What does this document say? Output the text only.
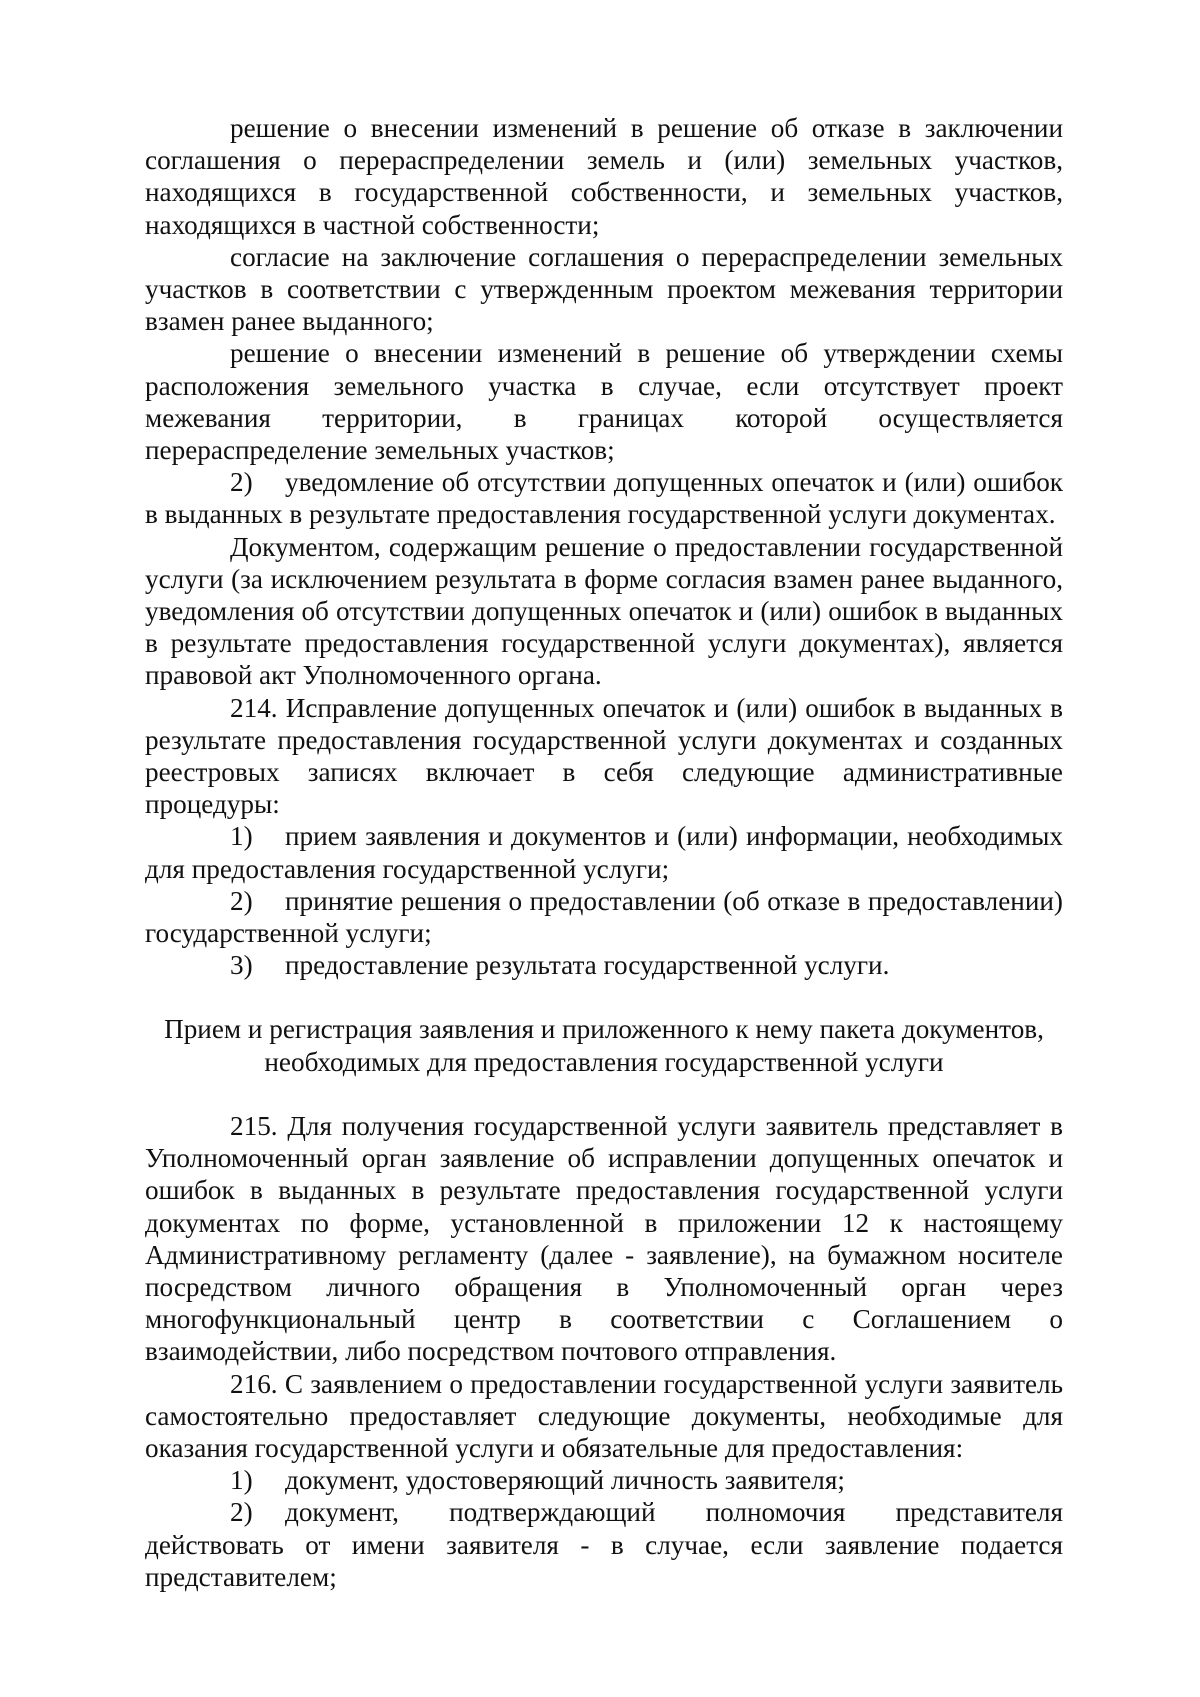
решение о внесении изменений в решение об отказе в заключении соглашения о перераспределении земель и (или) земельных участков, находящихся в государственной собственности, и земельных участков, находящихся в частной собственности;

согласие на заключение соглашения о перераспределении земельных участков в соответствии с утвержденным проектом межевания территории взамен ранее выданного;

решение о внесении изменений в решение об утверждении схемы расположения земельного участка в случае, если отсутствует проект межевания территории, в границах которой осуществляется перераспределение земельных участков;

2) уведомление об отсутствии допущенных опечаток и (или) ошибок в выданных в результате предоставления государственной услуги документах.

Документом, содержащим решение о предоставлении государственной услуги (за исключением результата в форме согласия взамен ранее выданного, уведомления об отсутствии допущенных опечаток и (или) ошибок в выданных в результате предоставления государственной услуги документах), является правовой акт Уполномоченного органа.

214. Исправление допущенных опечаток и (или) ошибок в выданных в результате предоставления государственной услуги документах и созданных реестровых записях включает в себя следующие административные процедуры:

1) прием заявления и документов и (или) информации, необходимых для предоставления государственной услуги;

2) принятие решения о предоставлении (об отказе в предоставлении) государственной услуги;

3) предоставление результата государственной услуги.

Прием и регистрация заявления и приложенного к нему пакета документов,

необходимых для предоставления государственной услуги

215. Для получения государственной услуги заявитель представляет в Уполномоченный орган заявление об исправлении допущенных опечаток и ошибок в выданных в результате предоставления государственной услуги документах по форме, установленной в приложении 12 к настоящему Административному регламенту (далее - заявление), на бумажном носителе посредством личного обращения в Уполномоченный орган через многофункциональный центр в соответствии с Соглашением о взаимодействии, либо посредством почтового отправления.

216. С заявлением о предоставлении государственной услуги заявитель самостоятельно предоставляет следующие документы, необходимые для оказания государственной услуги и обязательные для предоставления:

1) документ, удостоверяющий личность заявителя;

2) документ, подтверждающий полномочия представителя действовать от имени заявителя - в случае, если заявление подается представителем;
